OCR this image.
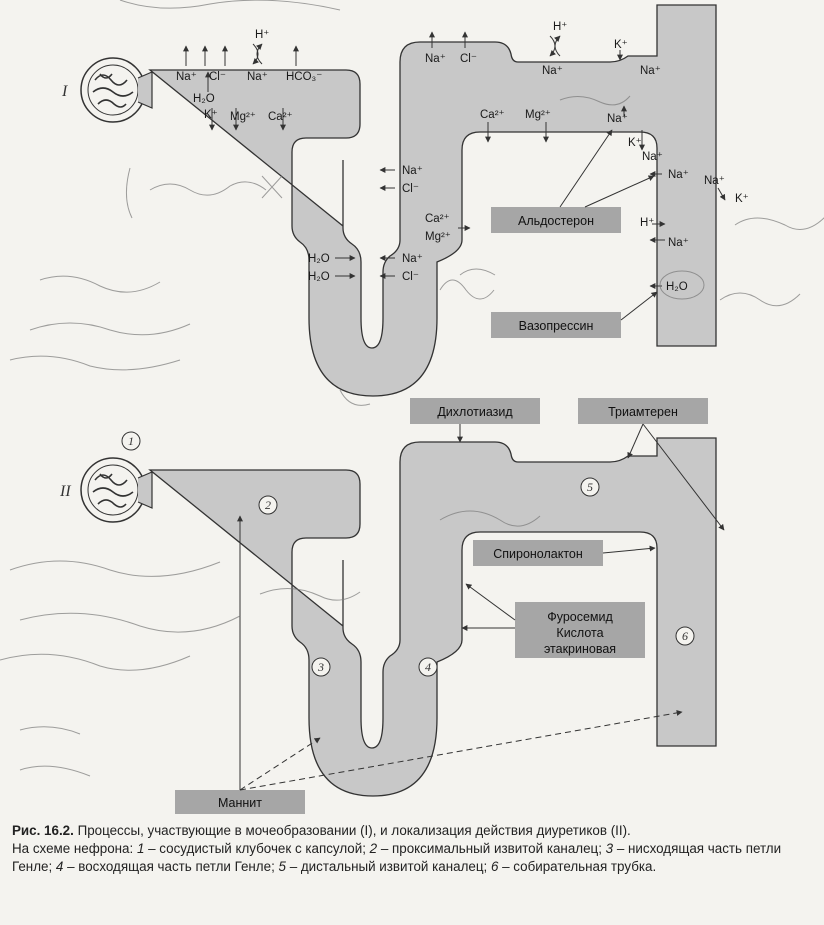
I
Na⁺ Cl⁻
H⁺
Na⁺ HCO₃⁻
H₂O
K⁺ Mg²⁺ Ca²⁺
H₂O
H₂O
Na⁺
Cl⁻
Ca²⁺
Mg²⁺
Na⁺
Cl⁻
Na⁺ Cl⁻
H⁺
Na⁺
K⁺
Na⁺
Ca²⁺ Mg²⁺	Na⁺
K⁺
Na⁺
Na⁺
K⁺
H⁺
Na⁺
H₂O
Na⁺
Альдостерон
Вазопрессин
II
1
2
3	4
5
6
Дихлотиазид	Триамтерен
Спиронолактон
Фуросемид
Кислота
этакриновая
Маннит

Рис. 16.2. Процессы, участвующие в мочеобразовании (I), и локализация действия диуретиков (II).

На схеме нефрона: 1 – сосудистый клубочек с капсулой; 2 – проксимальный извитой каналец; 3 – нисходящая часть петли Генле; 4 – восходящая часть петли Генле; 5 – дистальный извитой каналец; 6 – собирательная трубка.
